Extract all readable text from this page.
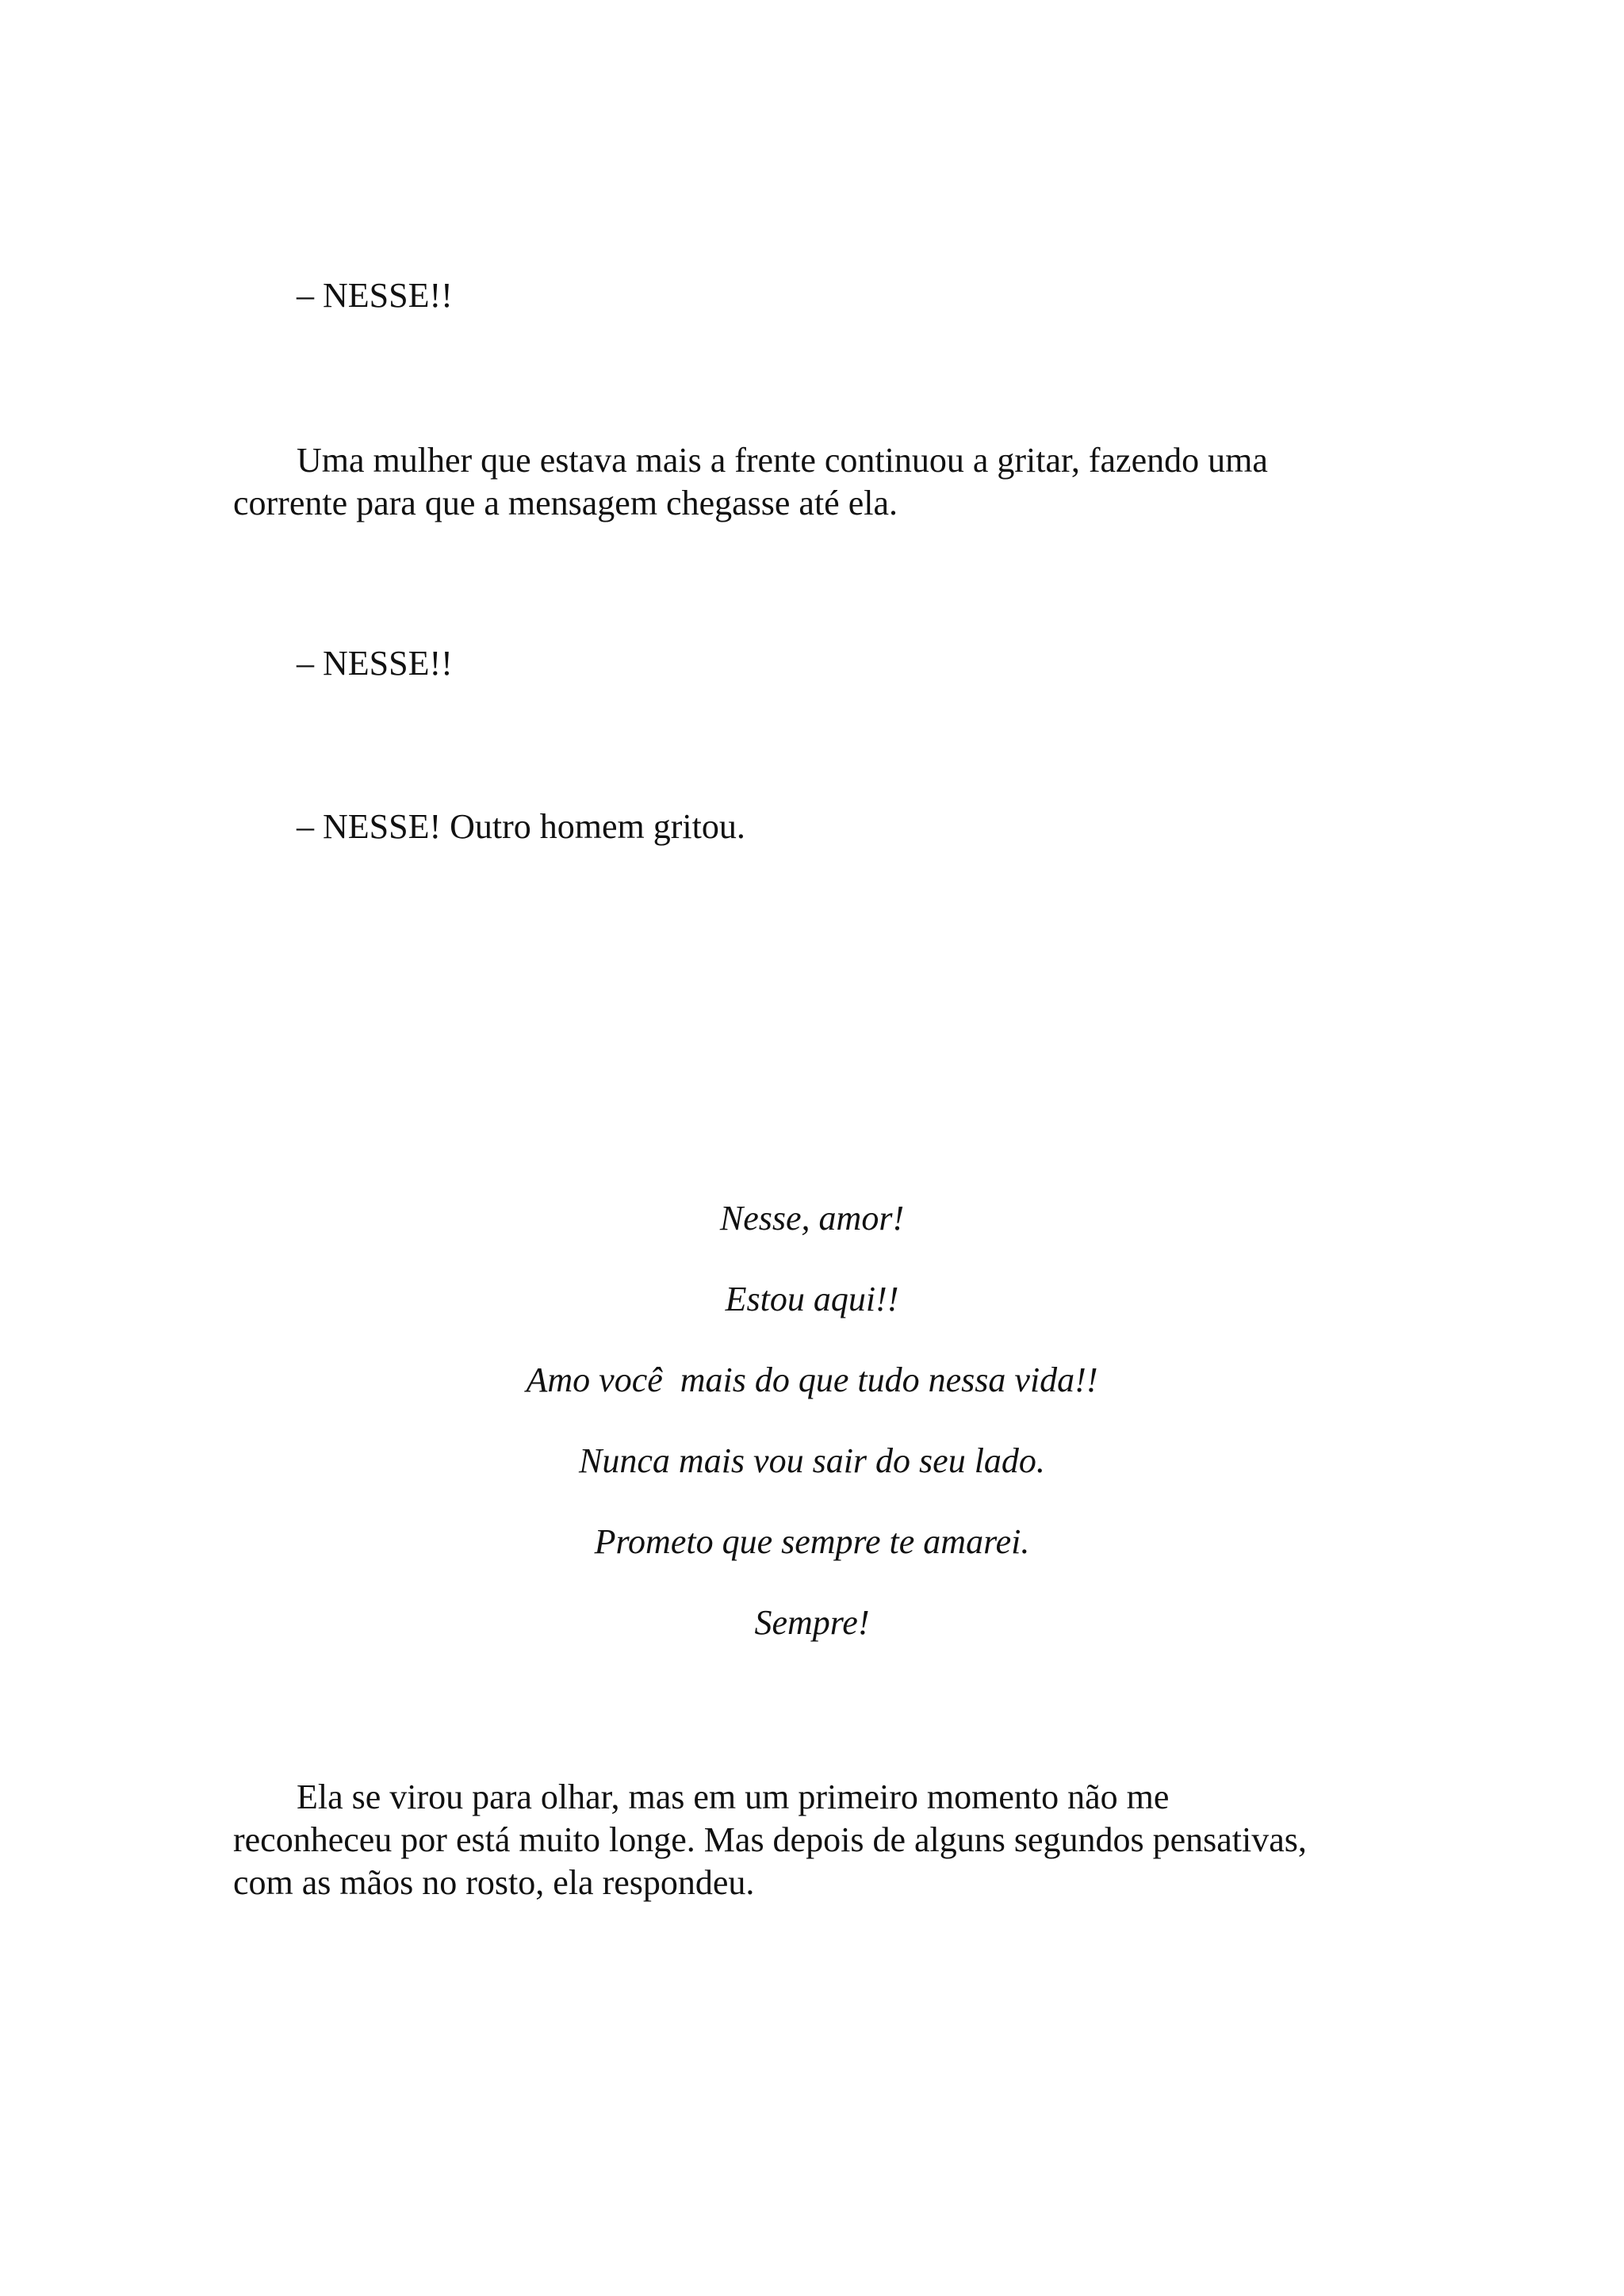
– NESSE!!

Uma mulher que estava mais a frente continuou a gritar, fazendo uma
corrente para que a mensagem chegasse até ela.

– NESSE!!

– NESSE! Outro homem gritou.

Nesse, amor!

Estou aqui!!

Amo você  mais do que tudo nessa vida!!

Nunca mais vou sair do seu lado.

Prometo que sempre te amarei.

Sempre!

Ela se virou para olhar, mas em um primeiro momento não me
reconheceu por está muito longe. Mas depois de alguns segundos pensativas,
com as mãos no rosto, ela respondeu.
